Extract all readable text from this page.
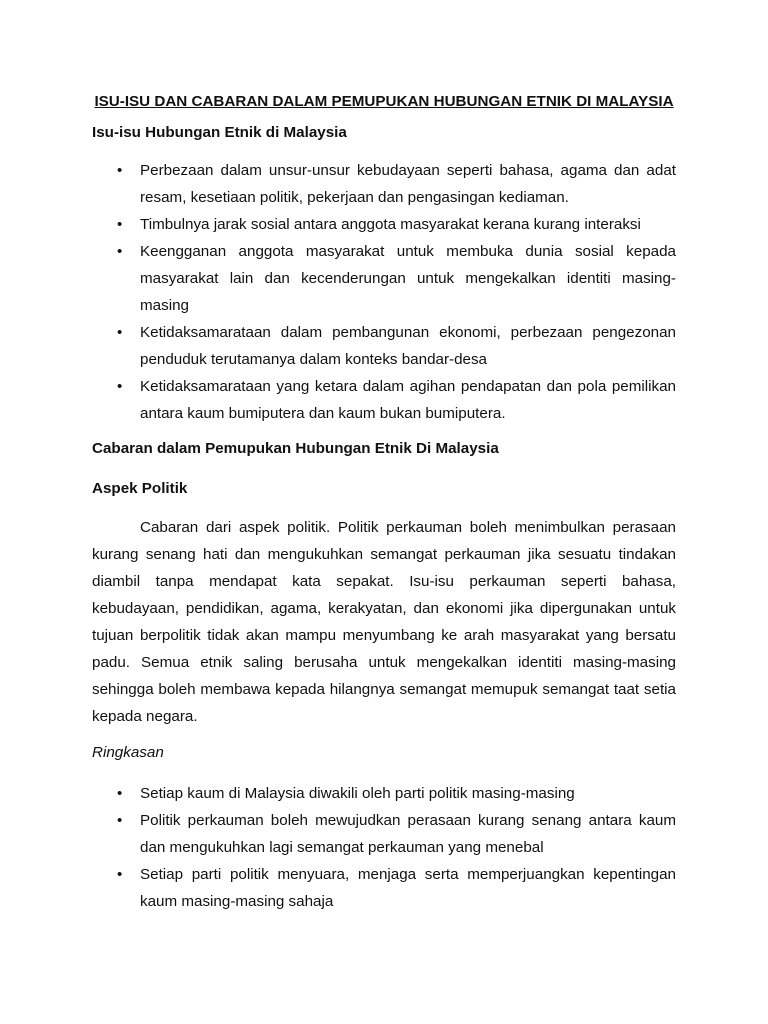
ISU-ISU DAN CABARAN DALAM PEMUPUKAN HUBUNGAN ETNIK DI MALAYSIA

Isu-isu Hubungan Etnik di Malaysia

• Perbezaan dalam unsur-unsur kebudayaan seperti bahasa, agama dan adat resam, kesetiaan politik, pekerjaan dan pengasingan kediaman.
• Timbulnya jarak sosial antara anggota masyarakat kerana kurang interaksi
• Keengganan anggota masyarakat untuk membuka dunia sosial kepada masyarakat lain dan kecenderungan untuk mengekalkan identiti masing-masing
• Ketidaksamarataan dalam pembangunan ekonomi, perbezaan pengezonan penduduk terutamanya dalam konteks bandar-desa
• Ketidaksamarataan yang ketara dalam agihan pendapatan dan pola pemilikan antara kaum bumiputera dan kaum bukan bumiputera.

Cabaran dalam Pemupukan Hubungan Etnik Di Malaysia

Aspek Politik

Cabaran dari aspek politik. Politik perkauman boleh menimbulkan perasaan kurang senang hati dan mengukuhkan semangat perkauman jika sesuatu tindakan diambil tanpa mendapat kata sepakat. Isu-isu perkauman seperti bahasa, kebudayaan, pendidikan, agama, kerakyatan, dan ekonomi jika dipergunakan untuk tujuan berpolitik tidak akan mampu menyumbang ke arah masyarakat yang bersatu padu. Semua etnik saling berusaha untuk mengekalkan identiti masing-masing sehingga boleh membawa kepada hilangnya semangat memupuk semangat taat setia kepada negara.

Ringkasan

• Setiap kaum di Malaysia diwakili oleh parti politik masing-masing
• Politik perkauman boleh mewujudkan perasaan kurang senang antara kaum dan mengukuhkan lagi semangat perkauman yang menebal
• Setiap parti politik menyuara, menjaga serta memperjuangkan kepentingan kaum masing-masing sahaja
